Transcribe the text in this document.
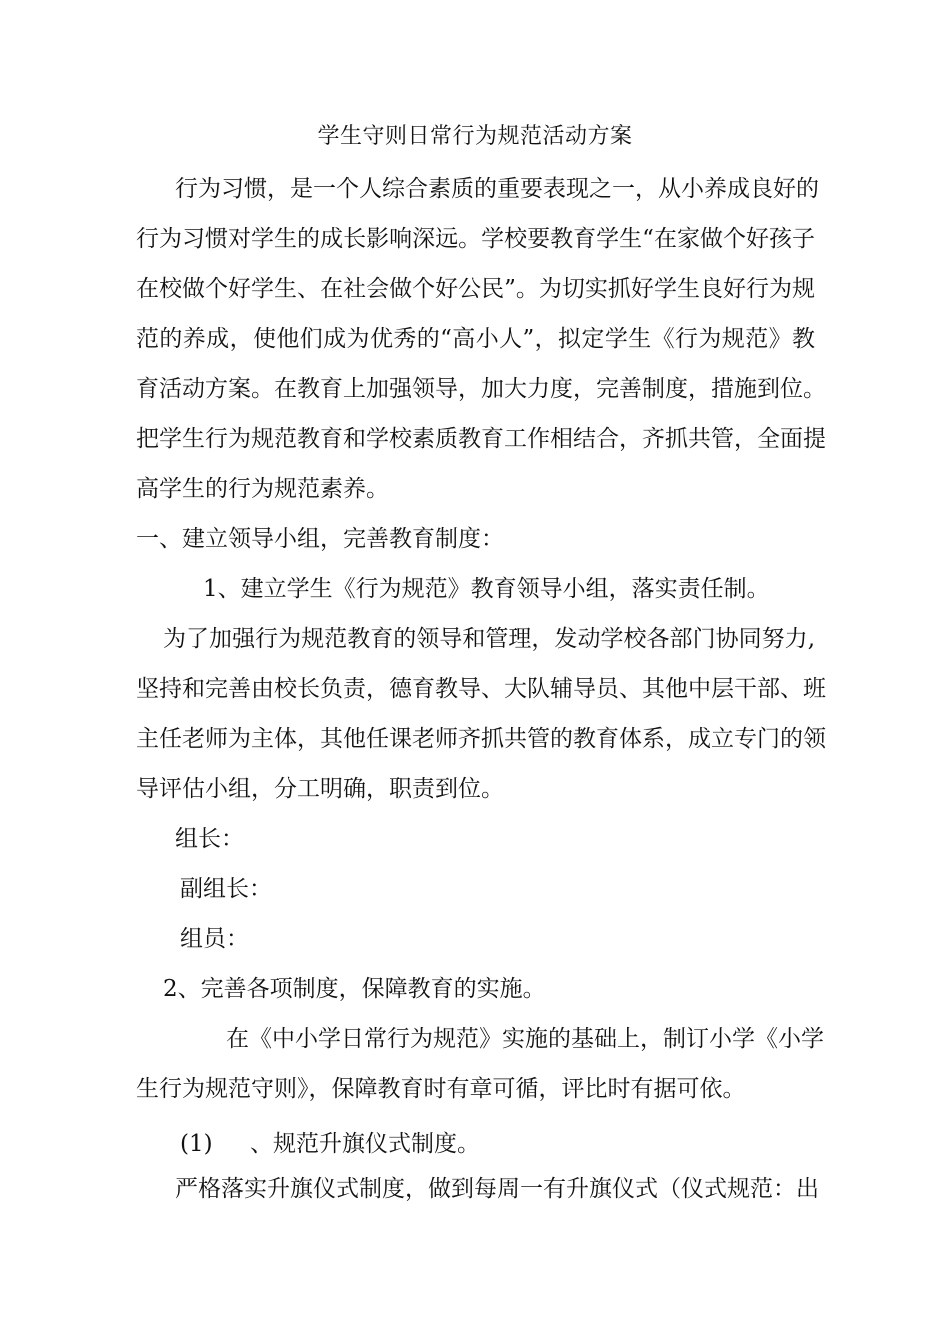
学生守则日常行为规范活动方案
行为习惯，是一个人综合素质的重要表现之一，从小养成良好的
行为习惯对学生的成长影响深远。学校要教育学生“在家做个好孩子
在校做个好学生、在社会做个好公民”。为切实抓好学生良好行为规
范的养成，使他们成为优秀的“高小人”，拟定学生《行为规范》教
育活动方案。在教育上加强领导，加大力度，完善制度，措施到位。
把学生行为规范教育和学校素质教育工作相结合，齐抓共管，全面提
高学生的行为规范素养。
一、建立领导小组，完善教育制度：
1、建立学生《行为规范》教育领导小组，落实责任制。
为了加强行为规范教育的领导和管理，发动学校各部门协同努力,
坚持和完善由校长负责，德育教导、大队辅导员、其他中层干部、班
主任老师为主体，其他任课老师齐抓共管的教育体系，成立专门的领
导评估小组，分工明确，职责到位。
组长：
副组长：
组员：
2、完善各项制度，保障教育的实施。
在《中小学日常行为规范》实施的基础上，制订小学《小学
生行为规范守则》，保障教育时有章可循，评比时有据可依。
(1) 、规范升旗仪式制度。
严格落实升旗仪式制度，做到每周一有升旗仪式（仪式规范：出
